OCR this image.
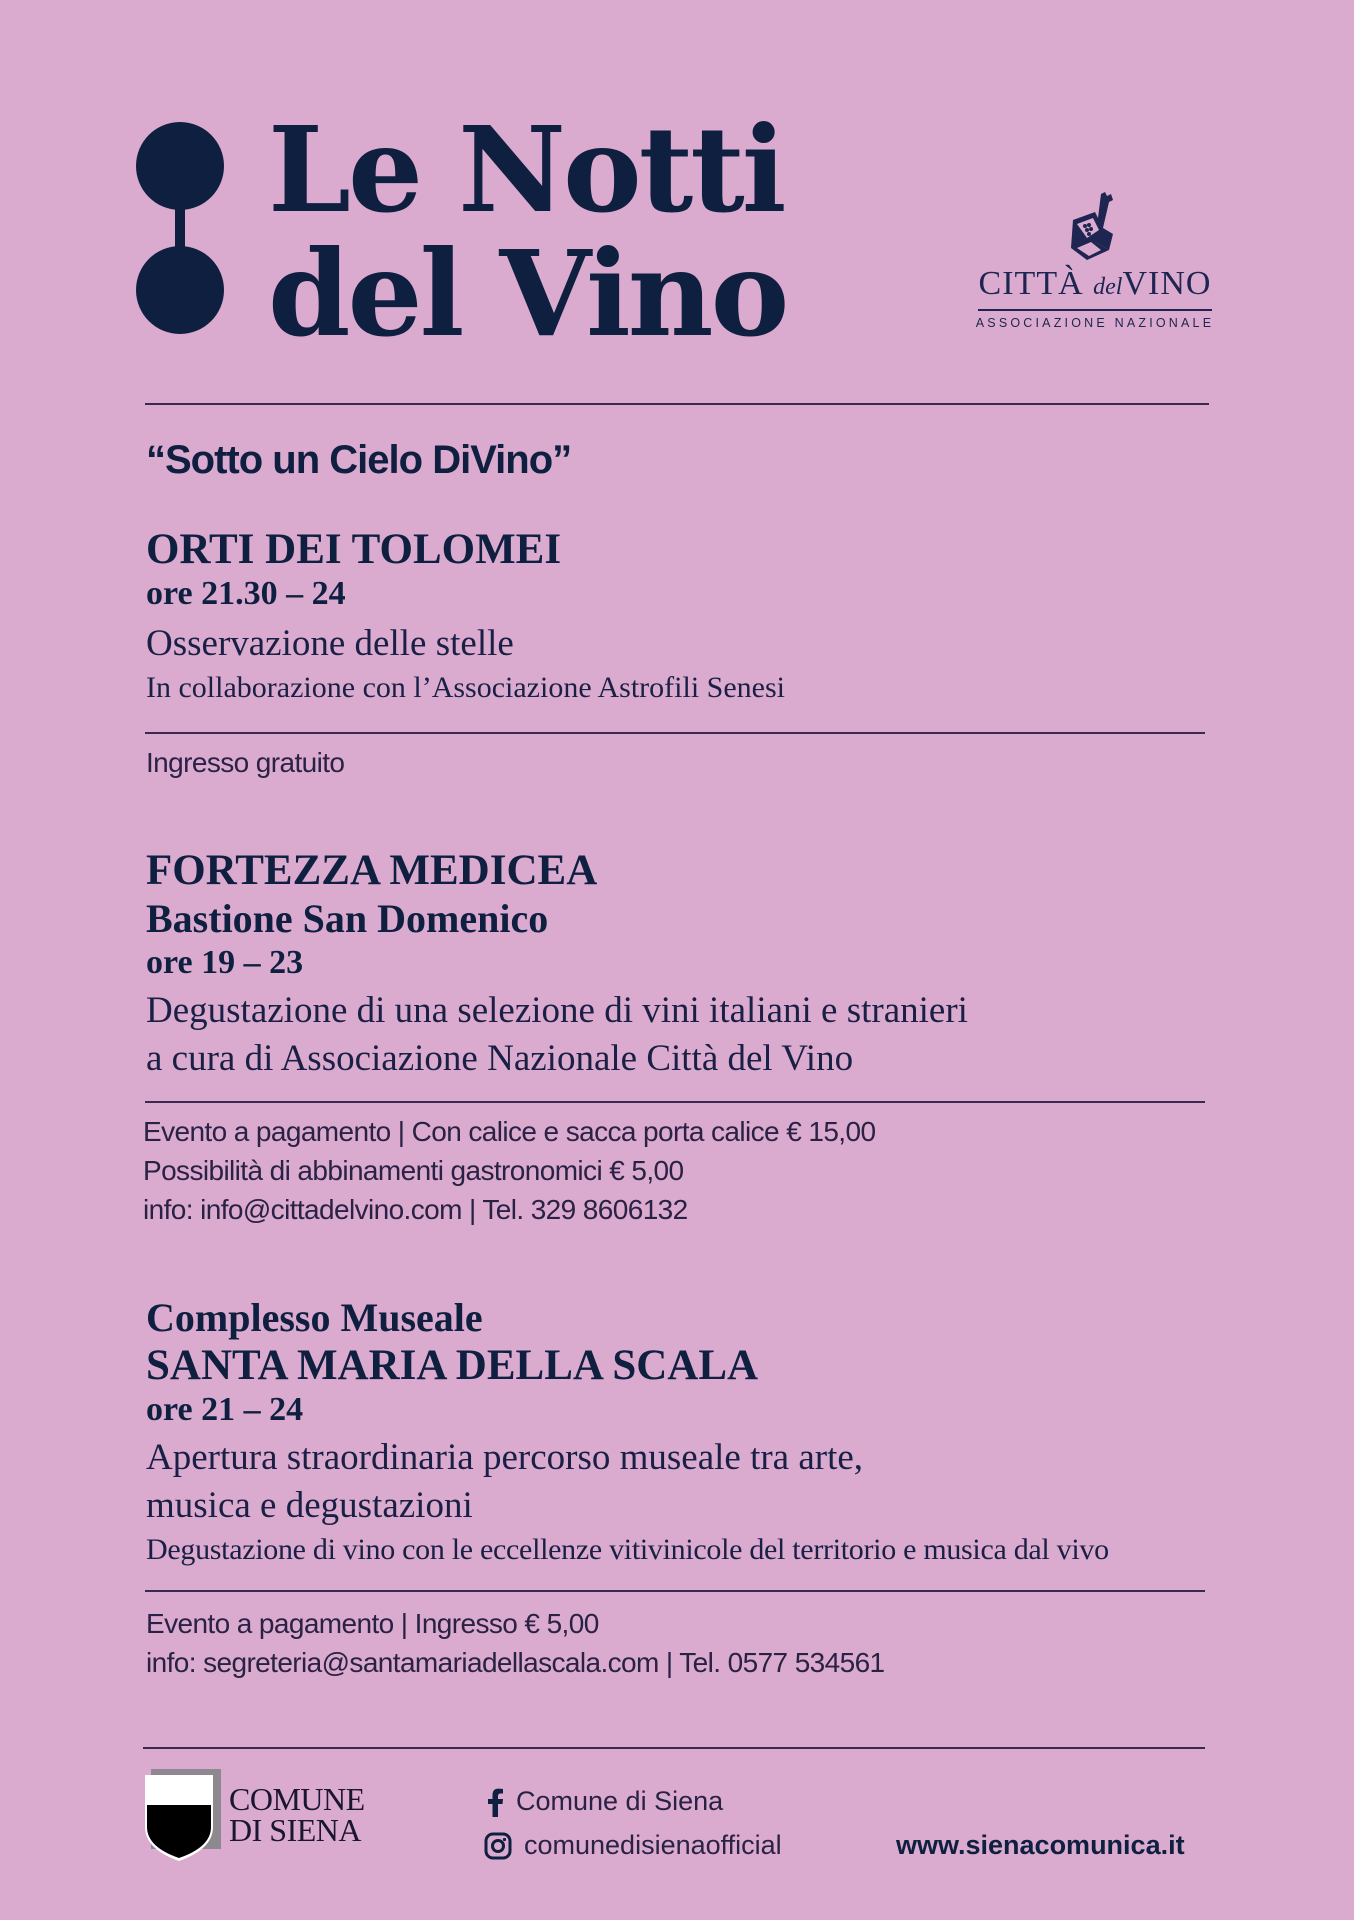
Le Notti
del Vino	CITTÀ delVINO
ASSOCIAZIONE NAZIONALE
“Sotto un Cielo DiVino”
ORTI DEI TOLOMEI
ore 21.30 – 24
Osservazione delle stelle
In collaborazione con l’Associazione Astrofili Senesi
Ingresso gratuito
FORTEZZA MEDICEA
Bastione San Domenico
ore 19 – 23
Degustazione di una selezione di vini italiani e stranieri
a cura di Associazione Nazionale Città del Vino
Evento a pagamento | Con calice e sacca porta calice € 15,00
Possibilità di abbinamenti gastronomici € 5,00
info: info@cittadelvino.com | Tel. 329 8606132
Complesso Museale
SANTA MARIA DELLA SCALA
ore 21 – 24
Apertura straordinaria percorso museale tra arte,
musica e degustazioni
Degustazione di vino con le eccellenze vitivinicole del territorio e musica dal vivo
Evento a pagamento | Ingresso € 5,00
info: segreteria@santamariadellascala.com | Tel. 0577 534561
COMUNE
DI SIENA
Comune di Siena
comunedisienaofficial	www.sienacomunica.it
